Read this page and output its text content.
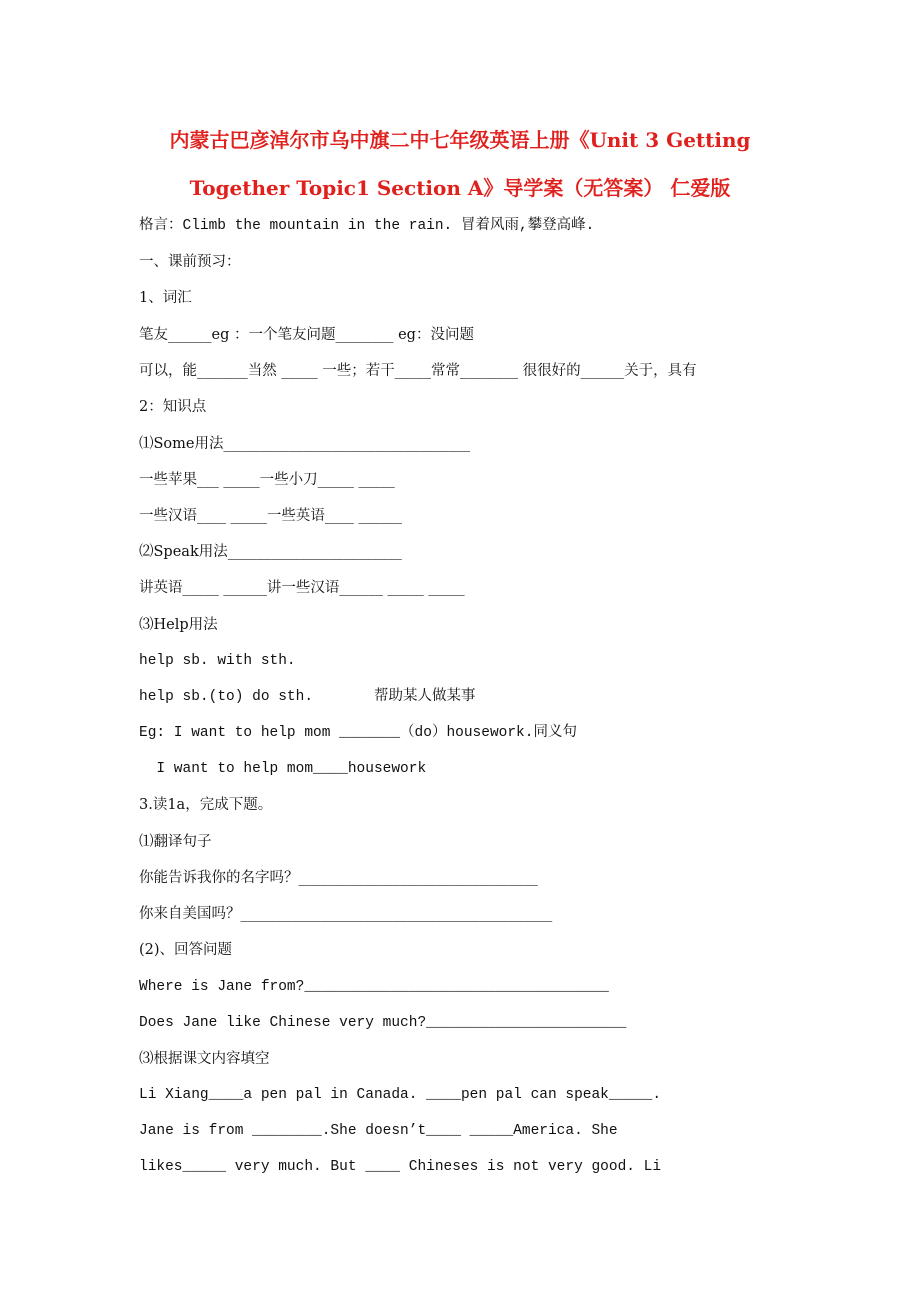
内蒙古巴彦淖尔市乌中旗二中七年级英语上册《Unit 3 Getting
Together Topic1 Section A》导学案（无答案） 仁爱版
格言：Climb the mountain in the rain. 冒着风雨,攀登高峰.
一、课前预习：
1、词汇
笔友______eg ：一个笔友问题________ eg：没问题
可以，能_______当然 _____ 一些；若干_____常常________ 很很好的______关于，具有
2：知识点
⑴Some用法__________________________________
一些苹果___ _____一些小刀_____ _____
一些汉语____ _____一些英语____ ______
⑵Speak用法________________________
讲英语_____ ______讲一些汉语______ _____ _____
⑶Help用法
help sb. with sth.
help sb.(to) do sth.       帮助某人做某事
Eg: I want to help mom _______（do）housework.同义句
I want to help mom____housework
3.读1a，完成下题。
⑴翻译句子
你能告诉我你的名字吗？_________________________________
你来自美国吗？___________________________________________
(2)、回答问题
Where is Jane from?___________________________________
Does Jane like Chinese very much?_______________________
⑶根据课文内容填空
Li Xiang____a pen pal in Canada. ____pen pal can speak_____.
Jane is from ________.She doesn’t____ _____America. She
likes_____ very much. But ____ Chineses is not very good. Li
